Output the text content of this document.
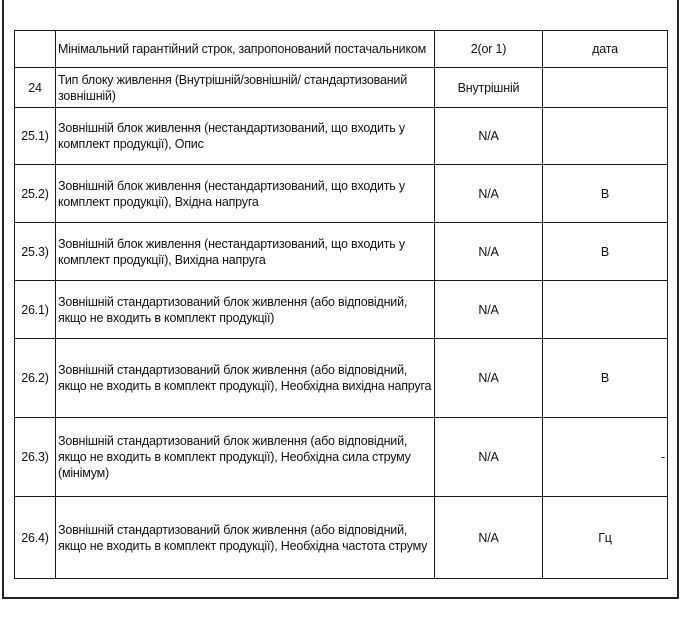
	Мінімальний гарантійний строк, запропонований постачальником	2(or 1)	дата
24	Тип блоку живлення (Внутрішній/зовнішній/ стандартизований зовнішній)	Внутрішній	
25.1)	Зовнішній блок живлення (нестандартизований, що входить у комплект продукції), Опис	N/A	
25.2)	Зовнішній блок живлення (нестандартизований, що входить у комплект продукції), Вхідна напруга	N/A	В
25.3)	Зовнішній блок живлення (нестандартизований, що входить у комплект продукції), Вихідна напруга	N/A	В
26.1)	Зовнішній стандартизований блок живлення (або відповідний, якщо не входить в комплект продукції)	N/A	
26.2)	Зовнішній стандартизований блок живлення (або відповідний, якщо не входить в комплект продукції), Необхідна вихідна напруга	N/A	В
26.3)	Зовнішній стандартизований блок живлення (або відповідний, якщо не входить в комплект продукції), Необхідна сила струму (мінімум)	N/A	-
26.4)	Зовнішній стандартизований блок живлення (або відповідний, якщо не входить в комплект продукції), Необхідна частота струму	N/A	Гц
